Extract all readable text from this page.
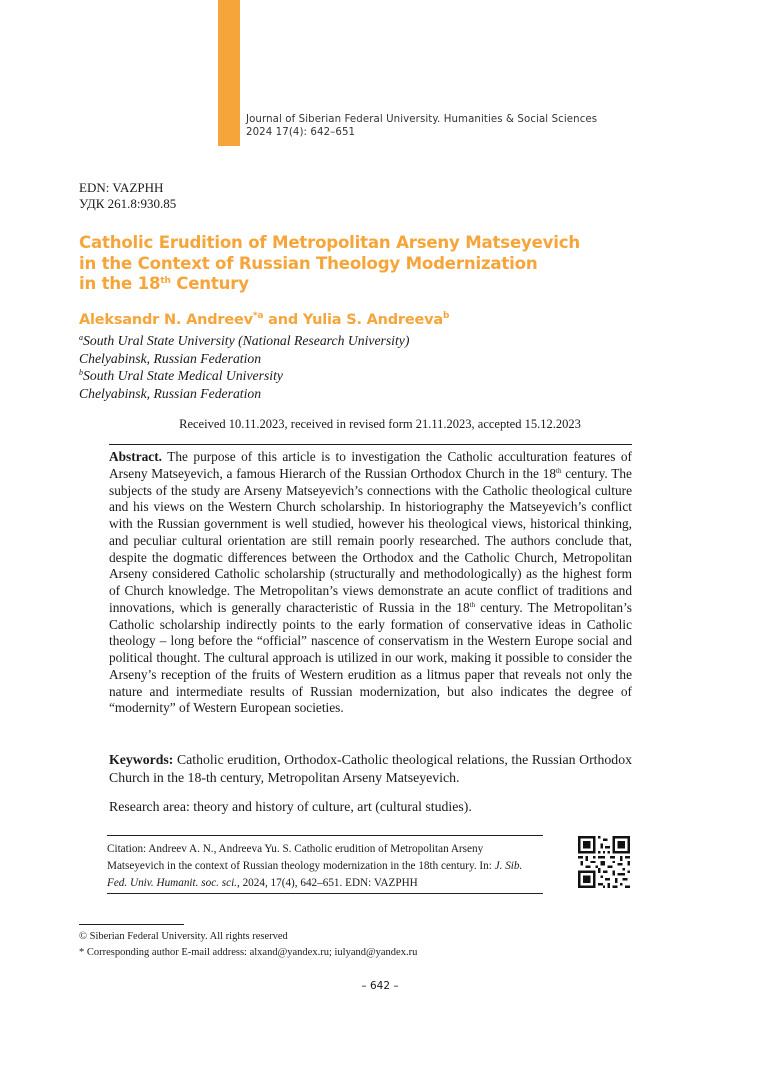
Journal of Siberian Federal University. Humanities & Social Sciences
2024 17(4): 642–651
EDN: VAZPHH
УДК 261.8:930.85
Catholic Erudition of Metropolitan Arseny Matseyevich
in the Context of Russian Theology Modernization
in the 18th Century
Aleksandr N. Andreev$^{*a}$ and Yulia S. Andreeva$^b$
$^a$South Ural State University (National Research University)
Chelyabinsk, Russian Federation
$^b$South Ural State Medical University
Chelyabinsk, Russian Federation
Received 10.11.2023, received in revised form 21.11.2023, accepted 15.12.2023
Abstract. The purpose of this article is to investigation the Catholic acculturation features of Arseny Matseyevich, a famous Hierarch of the Russian Orthodox Church in the 18th century. The subjects of the study are Arseny Matseyevich’s connections with the Catholic theological culture and his views on the Western Church scholarship. In historiography the Matseyevich’s conflict with the Russian government is well studied, however his theological views, historical thinking, and peculiar cultural orientation are still remain poorly researched. The authors conclude that, despite the dogmatic differences between the Orthodox and the Catholic Church, Metropolitan Arseny considered Catholic scholarship (structurally and methodologically) as the highest form of Church knowledge. The Metropolitan’s views demonstrate an acute conflict of traditions and innovations, which is generally characteristic of Russia in the 18th century. The Metropolitan’s Catholic scholarship indirectly points to the early formation of conservative ideas in Catholic theology – long before the “official” nascence of conservatism in the Western Europe social and political thought. The cultural approach is utilized in our work, making it possible to consider the Arseny’s reception of the fruits of Western erudition as a litmus paper that reveals not only the nature and intermediate results of Russian modernization, but also indicates the degree of “modernity” of Western European societies.
Keywords: Catholic erudition, Orthodox-Catholic theological relations, the Russian Orthodox Church in the 18-th century, Metropolitan Arseny Matseyevich.
Research area: theory and history of culture, art (cultural studies).
Citation: Andreev A. N., Andreeva Yu. S. Catholic erudition of Metropolitan Arseny Matseyevich in the context of Russian theology modernization in the 18th century. In: J. Sib. Fed. Univ. Humanit. soc. sci., 2024, 17(4), 642–651. EDN: VAZPHH
© Siberian Federal University. All rights reserved
* Corresponding author E-mail address: alxand@yandex.ru; iulyand@yandex.ru
– 642 –
